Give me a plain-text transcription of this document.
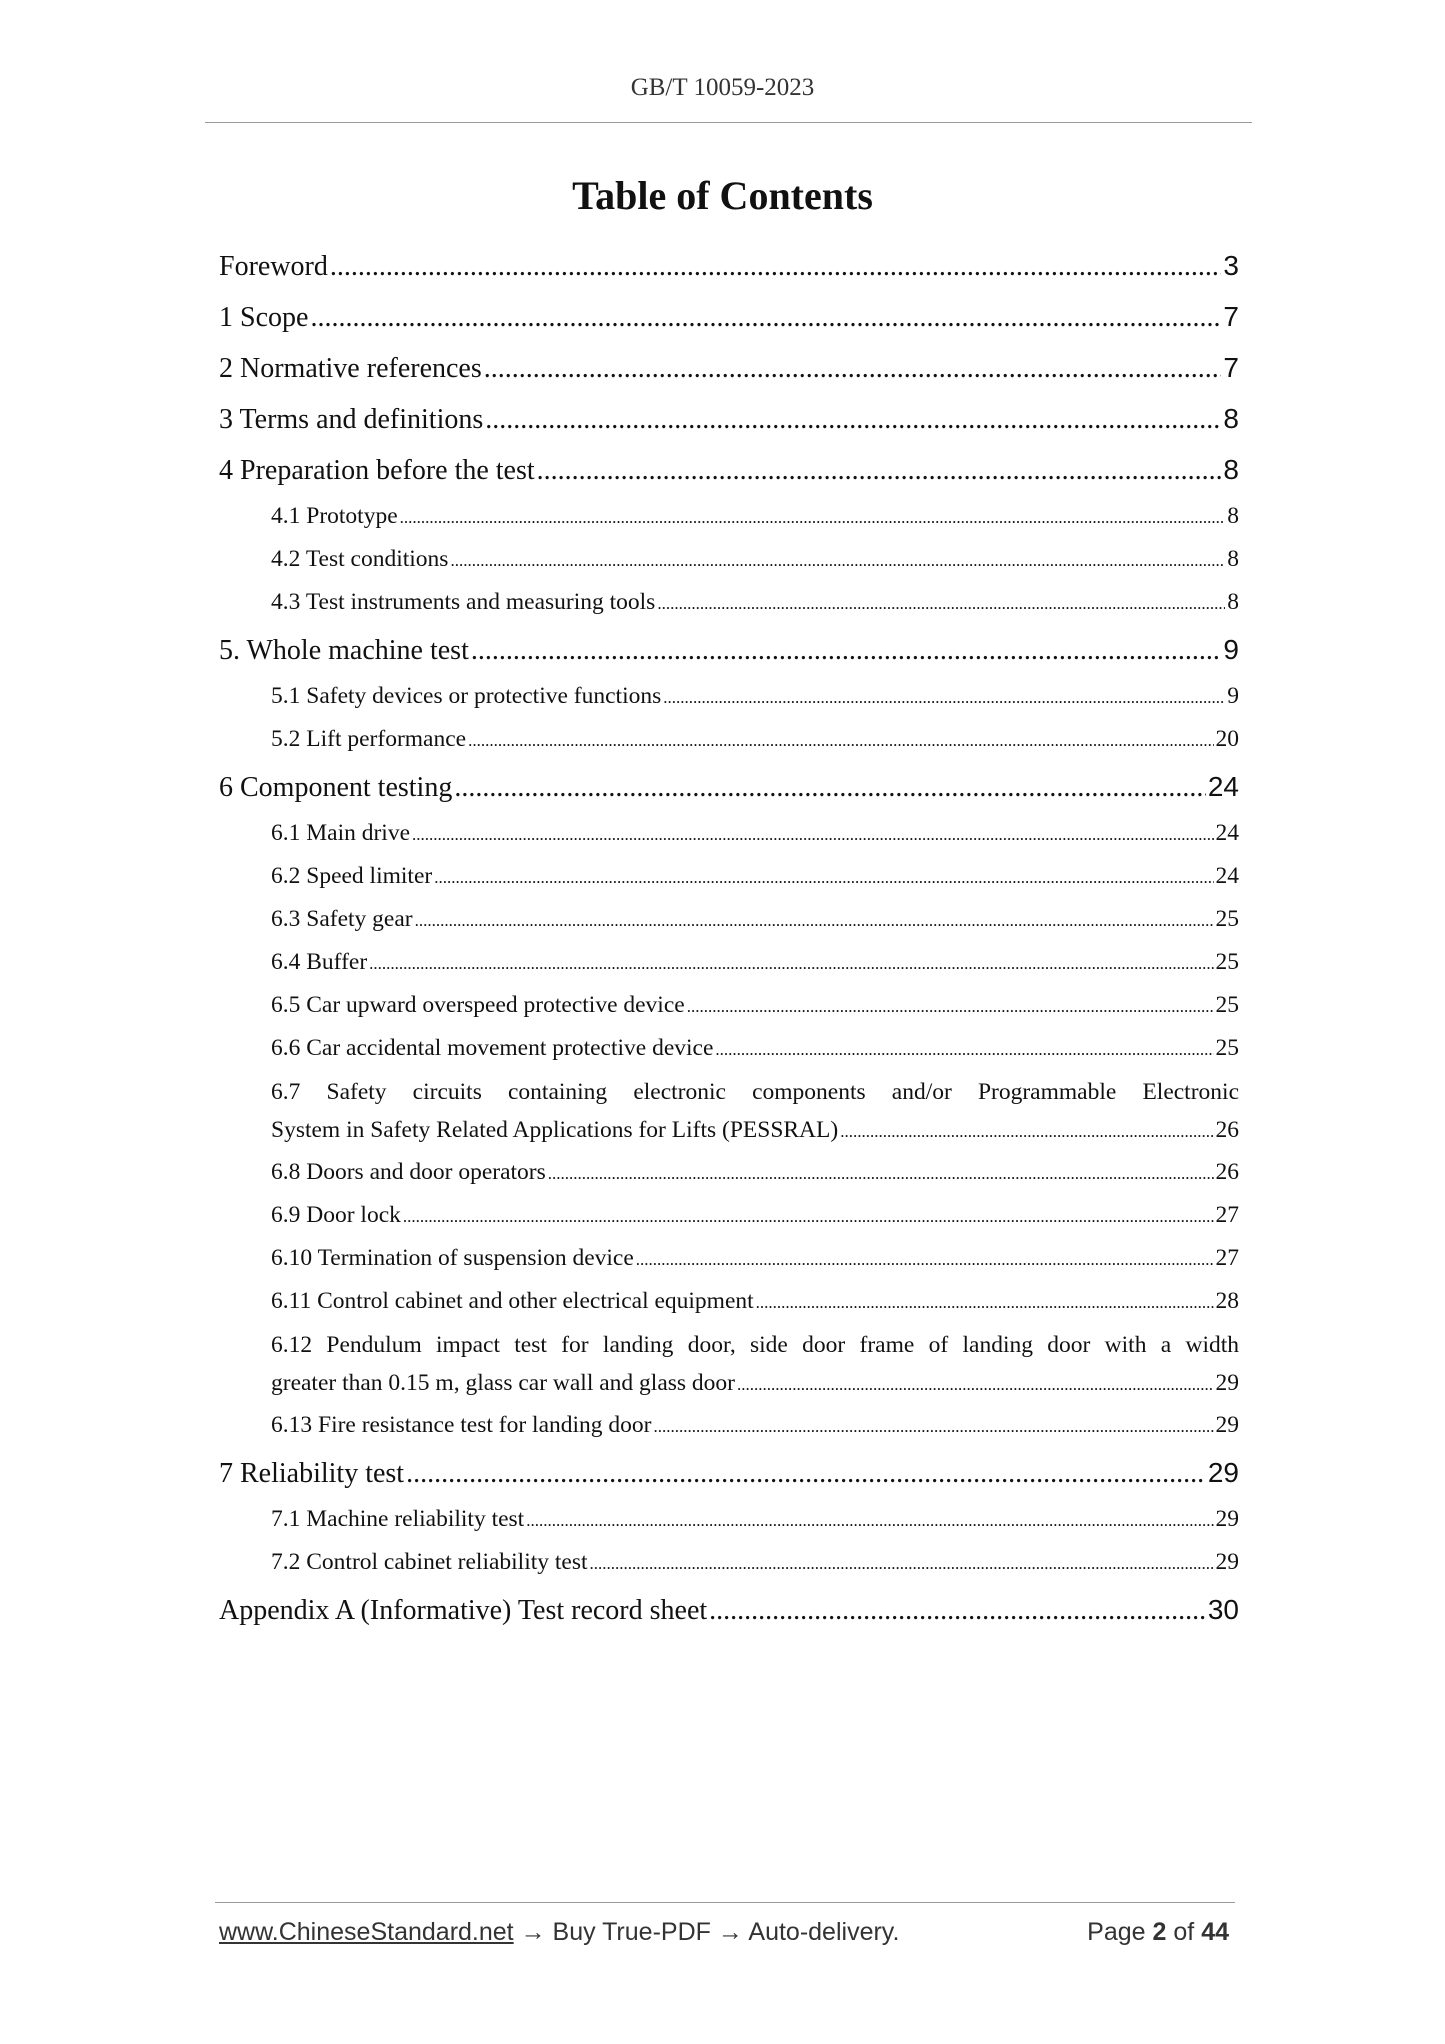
GB/T 10059-2023
Table of Contents
Foreword .....	3
1 Scope .....	7
2 Normative references .....	7
3 Terms and definitions .....	8
4 Preparation before the test .....	8
4.1 Prototype .....	8
4.2 Test conditions .....	8
4.3 Test instruments and measuring tools .....	8
5. Whole machine test .....	9
5.1 Safety devices or protective functions .....	9
5.2 Lift performance .....	20
6 Component testing .....	24
6.1 Main drive .....	24
6.2 Speed limiter .....	24
6.3 Safety gear .....	25
6.4 Buffer .....	25
6.5 Car upward overspeed protective device .....	25
6.6 Car accidental movement protective device .....	25
6.7 Safety circuits containing electronic components and/or Programmable Electronic
System in Safety Related Applications for Lifts (PESSRAL) .....	26
6.8 Doors and door operators .....	26
6.9 Door lock .....	27
6.10 Termination of suspension device .....	27
6.11 Control cabinet and other electrical equipment .....	28
6.12 Pendulum impact test for landing door, side door frame of landing door with a width
greater than 0.15 m, glass car wall and glass door .....	29
6.13 Fire resistance test for landing door .....	29
7 Reliability test .....	29
7.1 Machine reliability test .....	29
7.2 Control cabinet reliability test .....	29
Appendix A (Informative) Test record sheet .....	30
www.ChineseStandard.net → Buy True-PDF → Auto-delivery.	Page 2 of 44
